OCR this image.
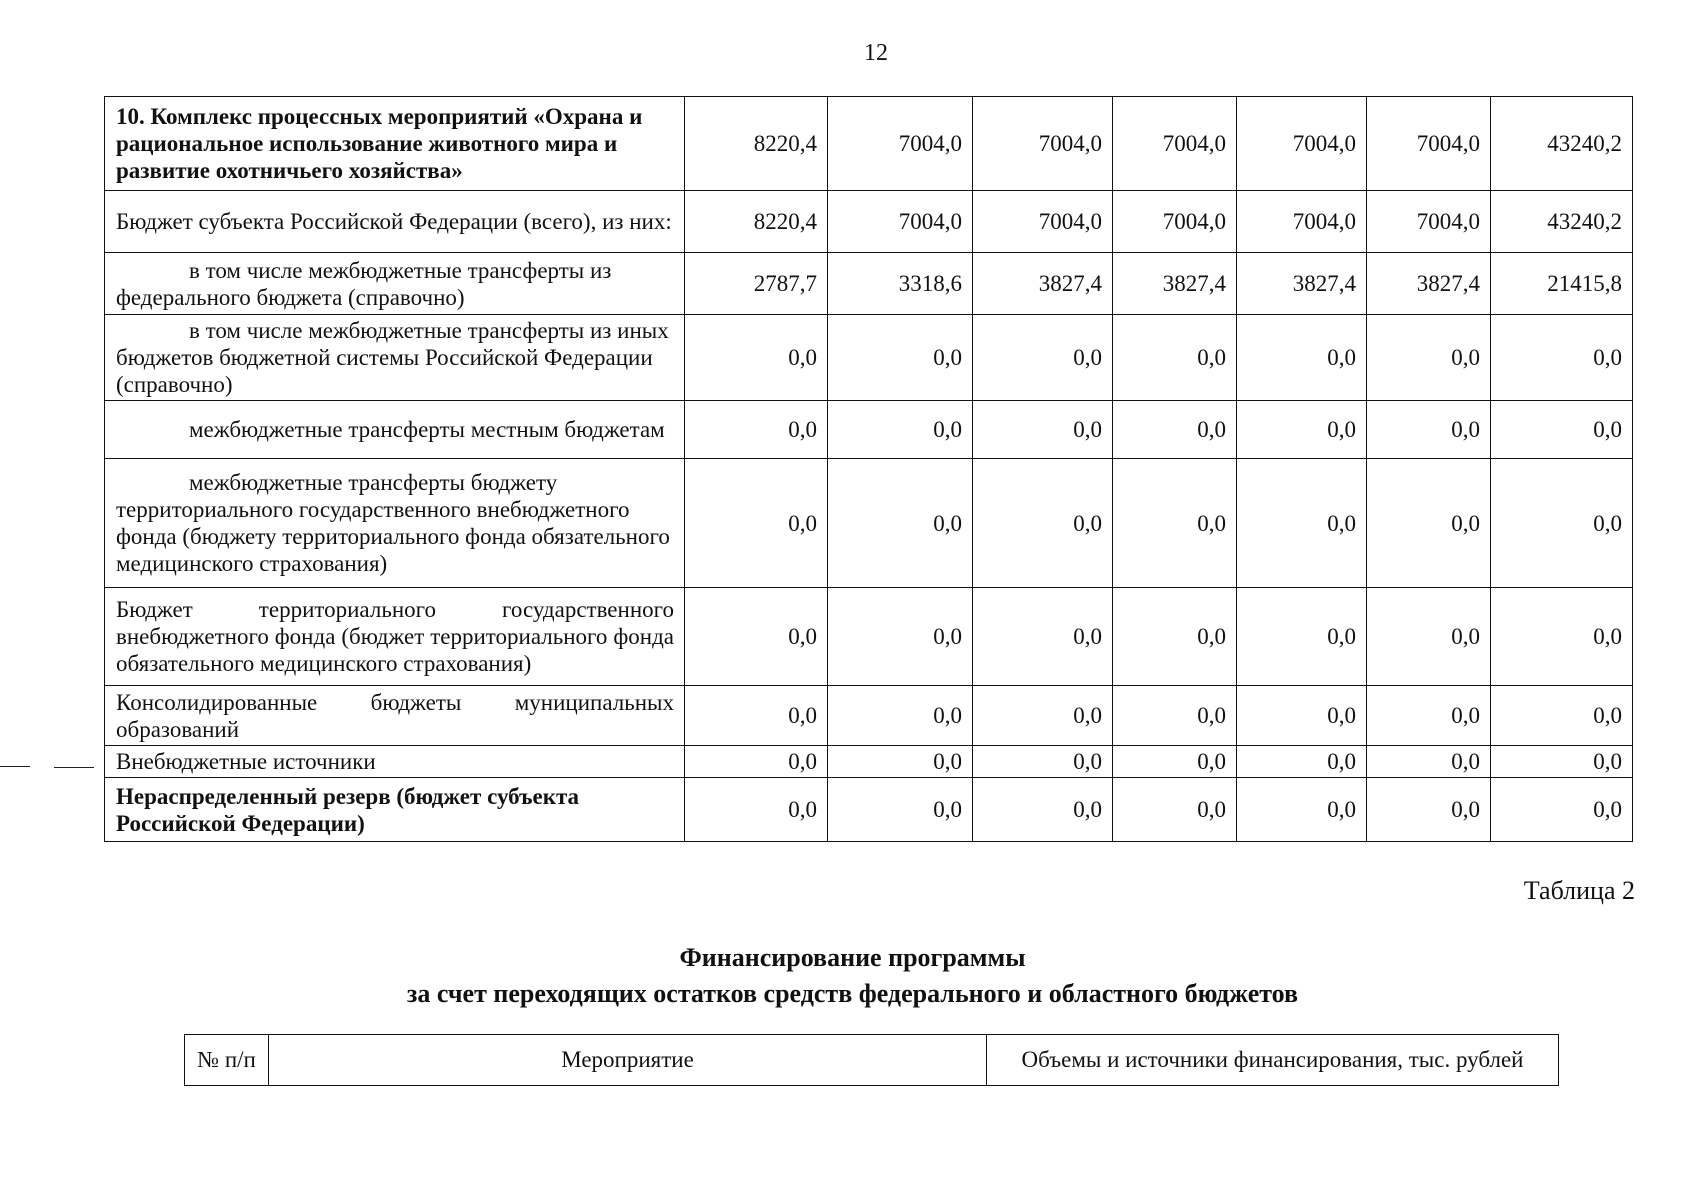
12
10. Комплекс процессных мероприятий «Охрана и рациональное использование животного мира и развитие охотничьего хозяйства»	8220,4	7004,0	7004,0	7004,0	7004,0	7004,0	43240,2
Бюджет субъекта Российской Федерации (всего), из них:	8220,4	7004,0	7004,0	7004,0	7004,0	7004,0	43240,2
в том числе межбюджетные трансферты из федерального бюджета (справочно)	2787,7	3318,6	3827,4	3827,4	3827,4	3827,4	21415,8
в том числе межбюджетные трансферты из иных бюджетов бюджетной системы Российской Федерации (справочно)	0,0	0,0	0,0	0,0	0,0	0,0	0,0
межбюджетные трансферты местным бюджетам	0,0	0,0	0,0	0,0	0,0	0,0	0,0
межбюджетные трансферты бюджету территориального государственного внебюджетного фонда (бюджету территориального фонда обязательного медицинского страхования)	0,0	0,0	0,0	0,0	0,0	0,0	0,0
Бюджет территориального государственного внебюджетного фонда (бюджет территориального фонда обязательного медицинского страхования)	0,0	0,0	0,0	0,0	0,0	0,0	0,0
Консолидированные бюджеты муниципальных образований	0,0	0,0	0,0	0,0	0,0	0,0	0,0
Внебюджетные источники	0,0	0,0	0,0	0,0	0,0	0,0	0,0
Нераспределенный резерв (бюджет субъекта Российской Федерации)	0,0	0,0	0,0	0,0	0,0	0,0	0,0
Таблица 2
Финансирование программы
за счет переходящих остатков средств федерального и областного бюджетов
№ п/п	Мероприятие	Объемы и источники финансирования, тыс. рублей
